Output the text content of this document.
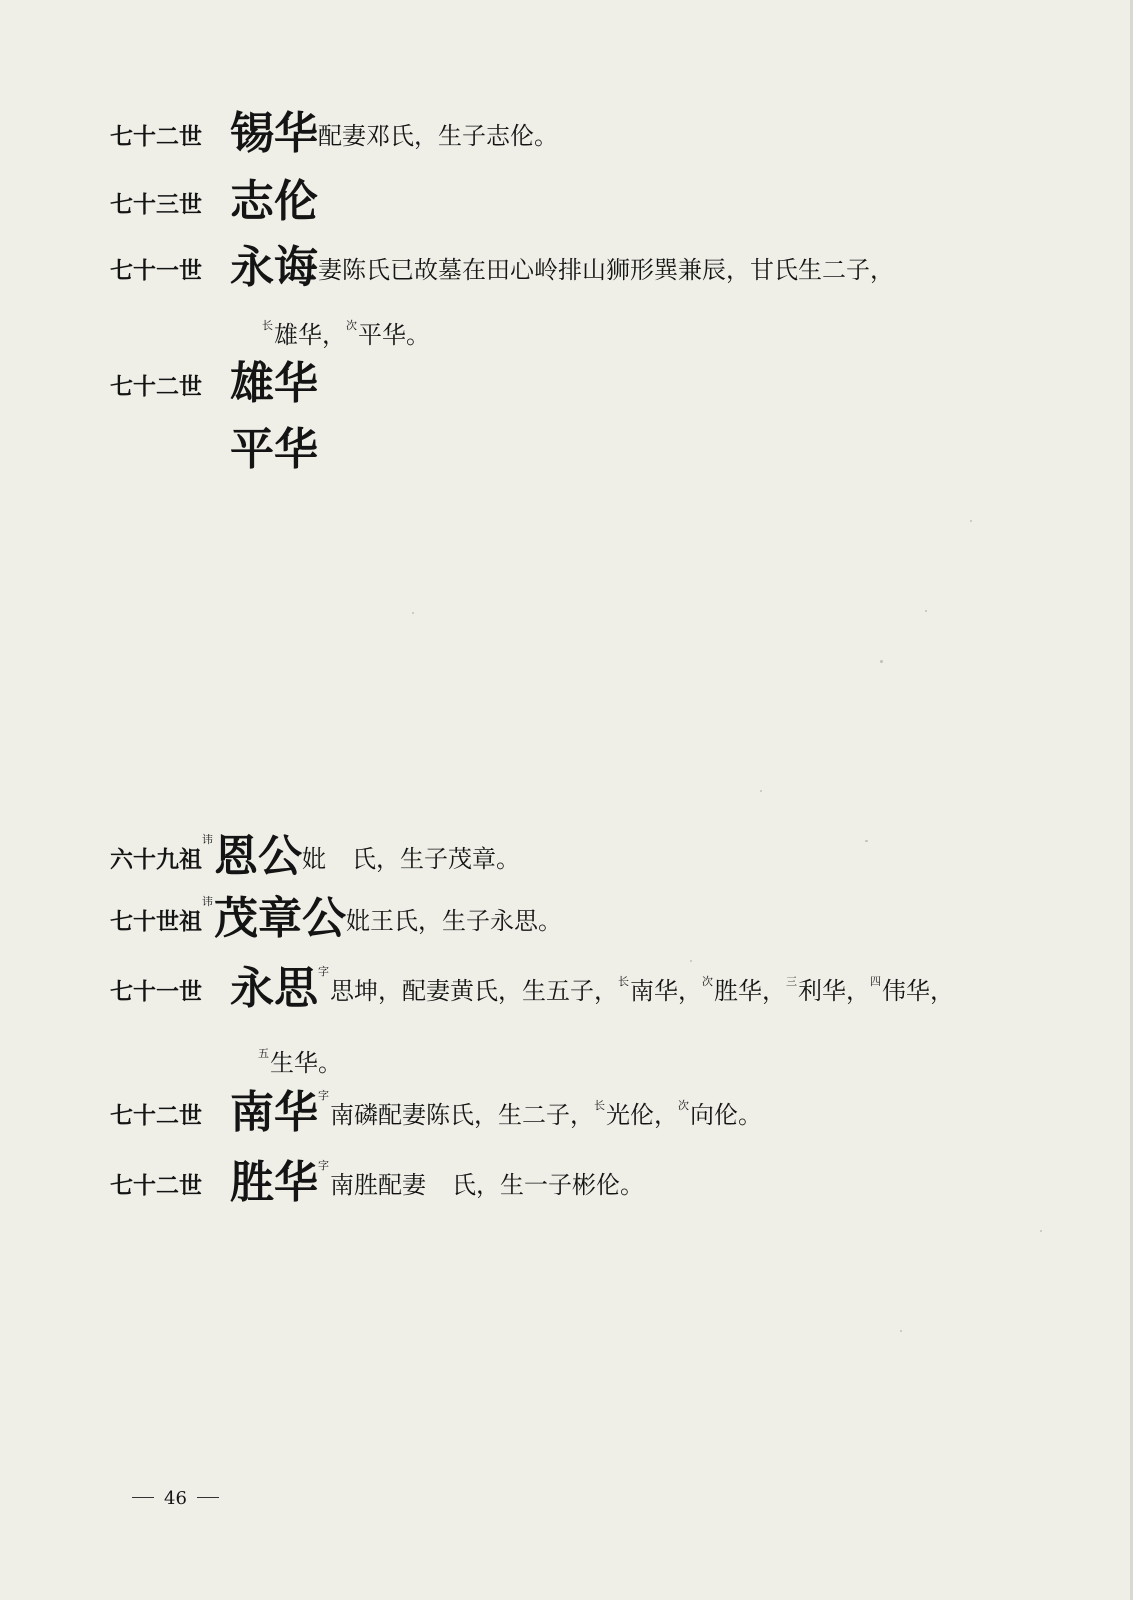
七十二世 锡华配妻邓氏，生子志伦。
七十三世 志伦
七十一世 永诲妻陈氏已故墓在田心岭排山狮形巽兼辰，甘氏生二子，
$^长$雄华，$^次$平华。
七十二世 雄华
平华
六十九祖$^讳$恩公妣 氏，生子茂章。
七十世祖$^讳$茂章公妣王氏，生子永思。
七十一世 永思$^字$思坤，配妻黄氏，生五子，$^长$南华，$^次$胜华，$^三$利华，$^四$伟华，
$^五$生华。
七十二世 南华$^字$南磷配妻陈氏，生二子，$^长$光伦，$^次$向伦。
七十二世 胜华$^字$南胜配妻 氏，生一子彬伦。
46
